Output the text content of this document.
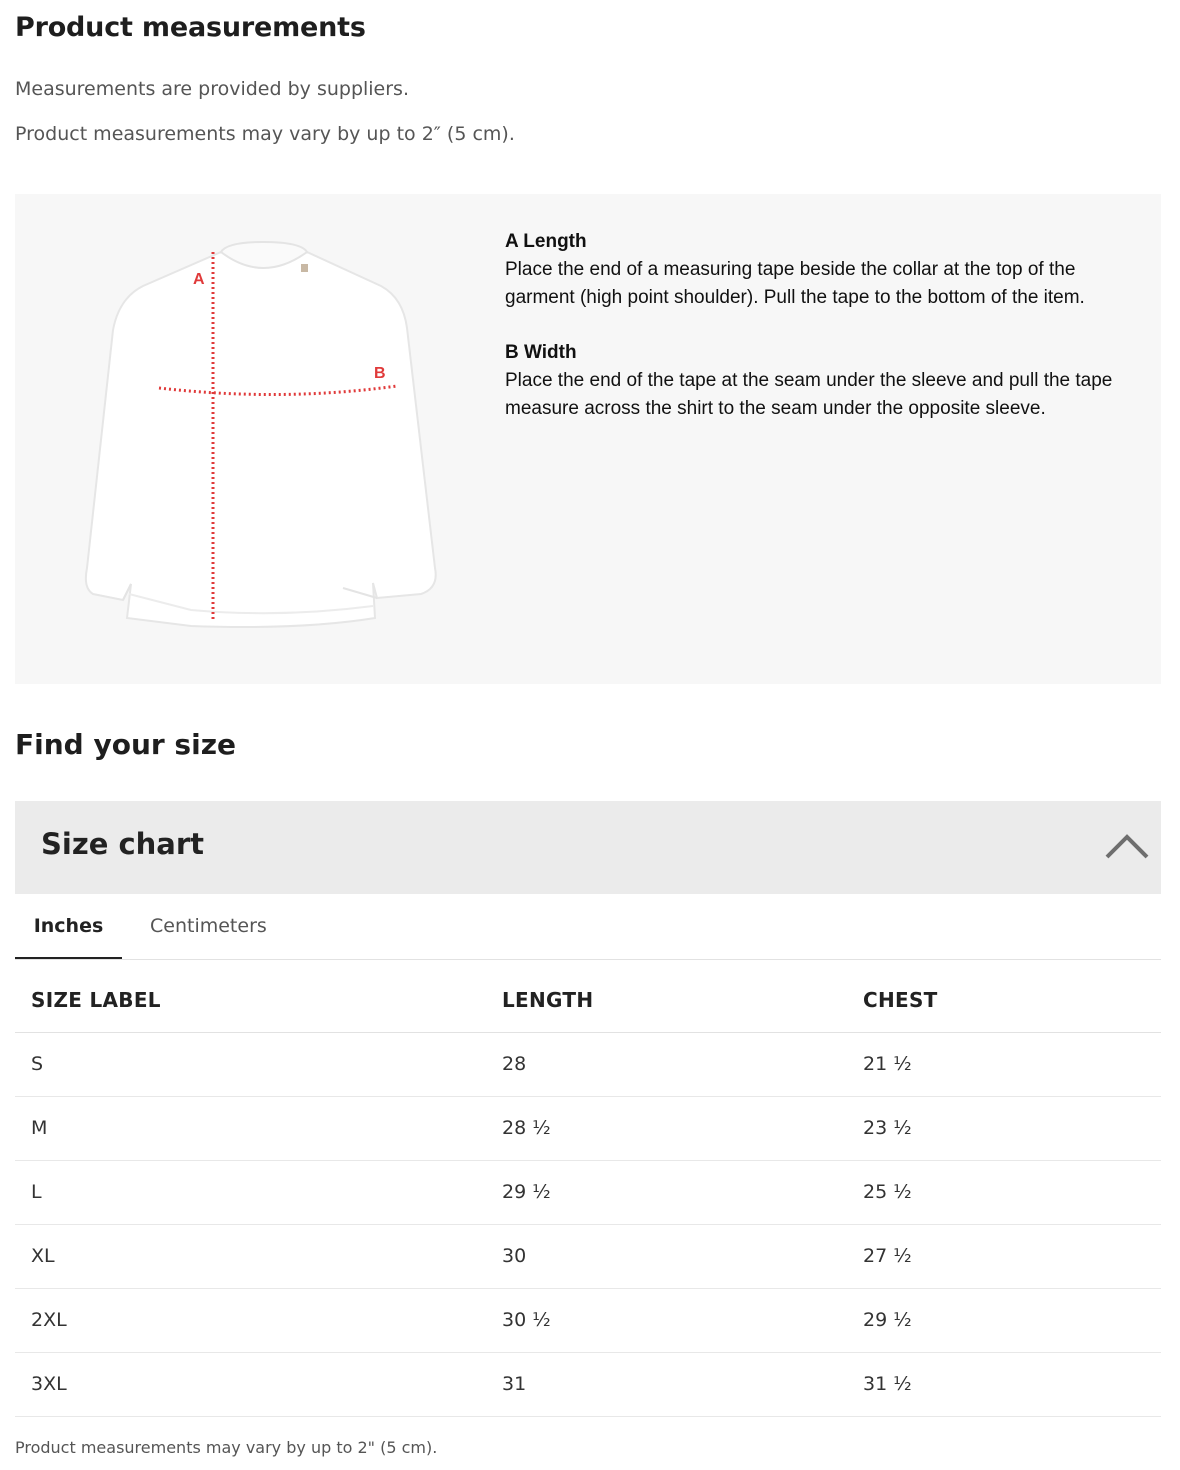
Product measurements
Measurements are provided by suppliers.
Product measurements may vary by up to 2″ (5 cm).
A
B
A Length
Place the end of a measuring tape beside the collar at the top of the garment (high point shoulder). Pull the tape to the bottom of the item.
B Width
Place the end of the tape at the seam under the sleeve and pull the tape measure across the shirt to the seam under the opposite sleeve.
Find your size
Size chart
Inches	Centimeters
SIZE LABEL	LENGTH	CHEST
S	28	21 ½
M	28 ½	23 ½
L	29 ½	25 ½
XL	30	27 ½
2XL	30 ½	29 ½
3XL	31	31 ½
Product measurements may vary by up to 2" (5 cm).
